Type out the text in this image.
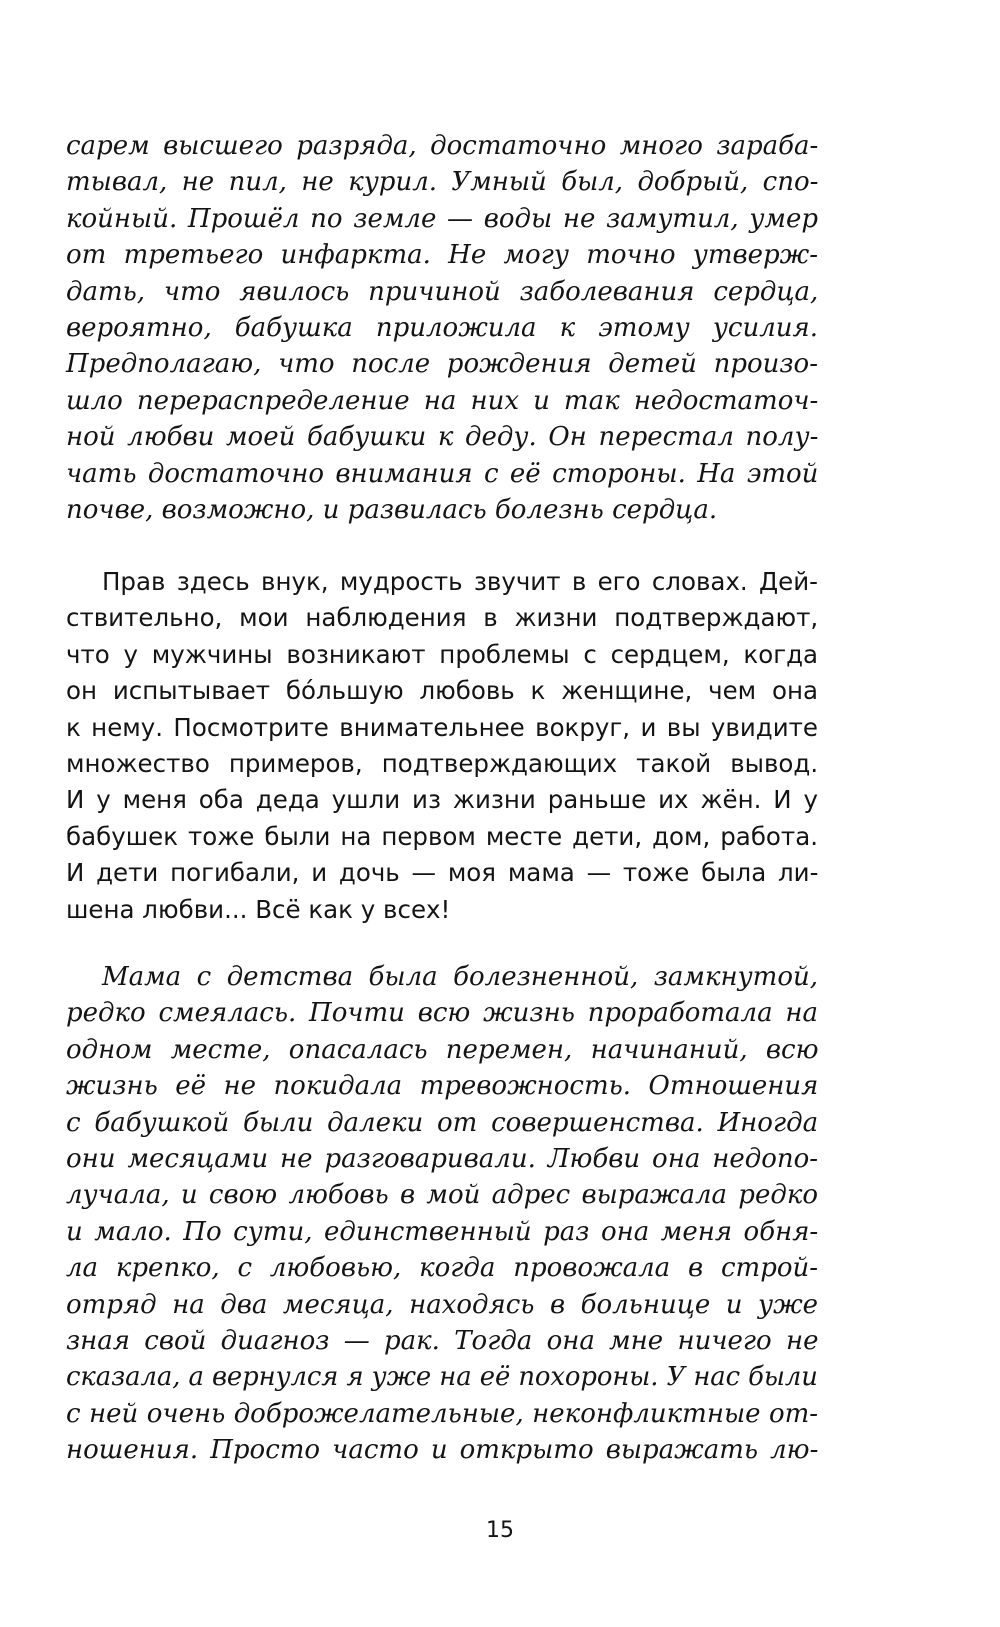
сарем высшего разряда, достаточно много зараба-
тывал, не пил, не курил. Умный был, добрый, спо-
койный. Прошёл по земле — воды не замутил, умер
от третьего инфаркта. Не могу точно утверж-
дать, что явилось причиной заболевания сердца,
вероятно, бабушка приложила к этому усилия.
Предполагаю, что после рождения детей произо-
шло перераспределение на них и так недостаточ-
ной любви моей бабушки к деду. Он перестал полу-
чать достаточно внимания с её стороны. На этой
почве, возможно, и развилась болезнь сердца.
Прав здесь внук, мудрость звучит в его словах. Дей-
ствительно, мои наблюдения в жизни подтверждают,
что у мужчины возникают проблемы с сердцем, когда
он испытывает бóльшую любовь к женщине, чем она
к нему. Посмотрите внимательнее вокруг, и вы увидите
множество примеров, подтверждающих такой вывод.
И у меня оба деда ушли из жизни раньше их жён. И у
бабушек тоже были на первом месте дети, дом, работа.
И дети погибали, и дочь — моя мама — тоже была ли-
шена любви... Всё как у всех!
Мама с детства была болезненной, замкнутой,
редко смеялась. Почти всю жизнь проработала на
одном месте, опасалась перемен, начинаний, всю
жизнь её не покидала тревожность. Отношения
с бабушкой были далеки от совершенства. Иногда
они месяцами не разговаривали. Любви она недопо-
лучала, и свою любовь в мой адрес выражала редко
и мало. По сути, единственный раз она меня обня-
ла крепко, с любовью, когда провожала в строй-
отряд на два месяца, находясь в больнице и уже
зная свой диагноз — рак. Тогда она мне ничего не
сказала, а вернулся я уже на её похороны. У нас были
с ней очень доброжелательные, неконфликтные от-
ношения. Просто часто и открыто выражать лю-
15
